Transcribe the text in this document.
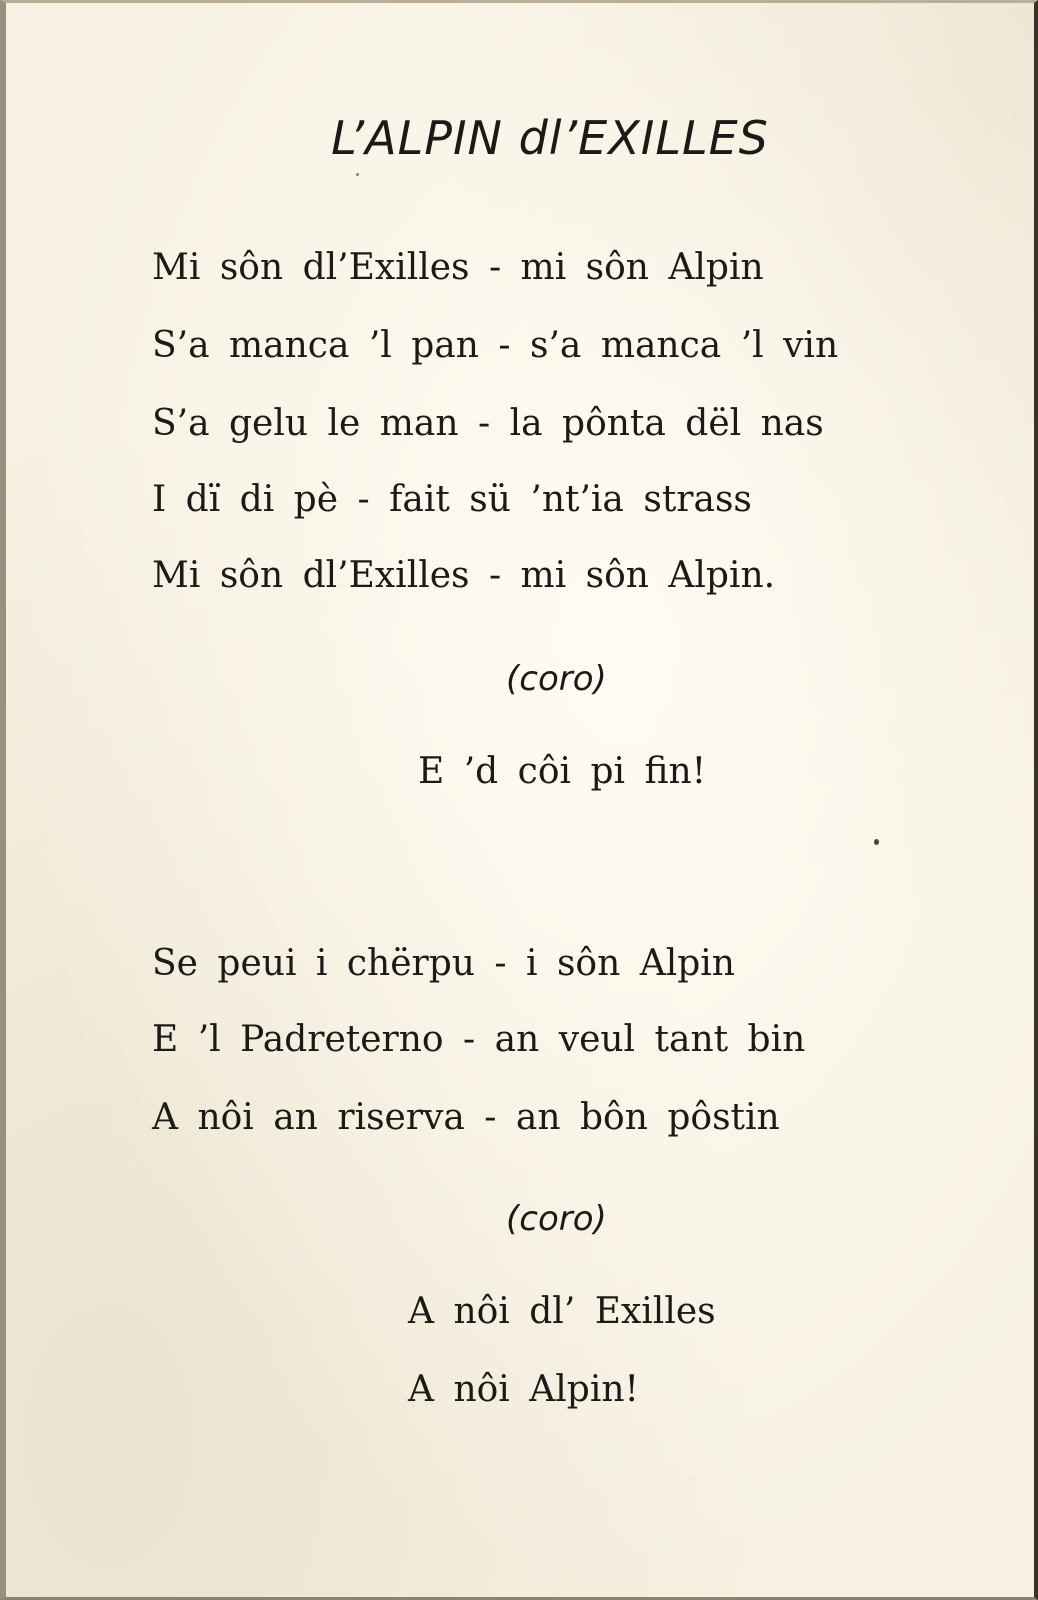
L’ALPIN dl’EXILLES

Mi sôn dl’Exilles - mi sôn Alpin

S’a manca ’l pan - s’a manca ’l vin

S’a gelu le man - la pônta dël nas

I dï di pè - fait sü ’nt’ia strass

Mi sôn dl’Exilles - mi sôn Alpin.

(coro)

E ’d côi pi fin!

Se peui i chërpu - i sôn Alpin

E ’l Padreterno - an veul tant bin

A nôi an riserva - an bôn pôstin

(coro)

A nôi dl’ Exilles

A nôi Alpin!
